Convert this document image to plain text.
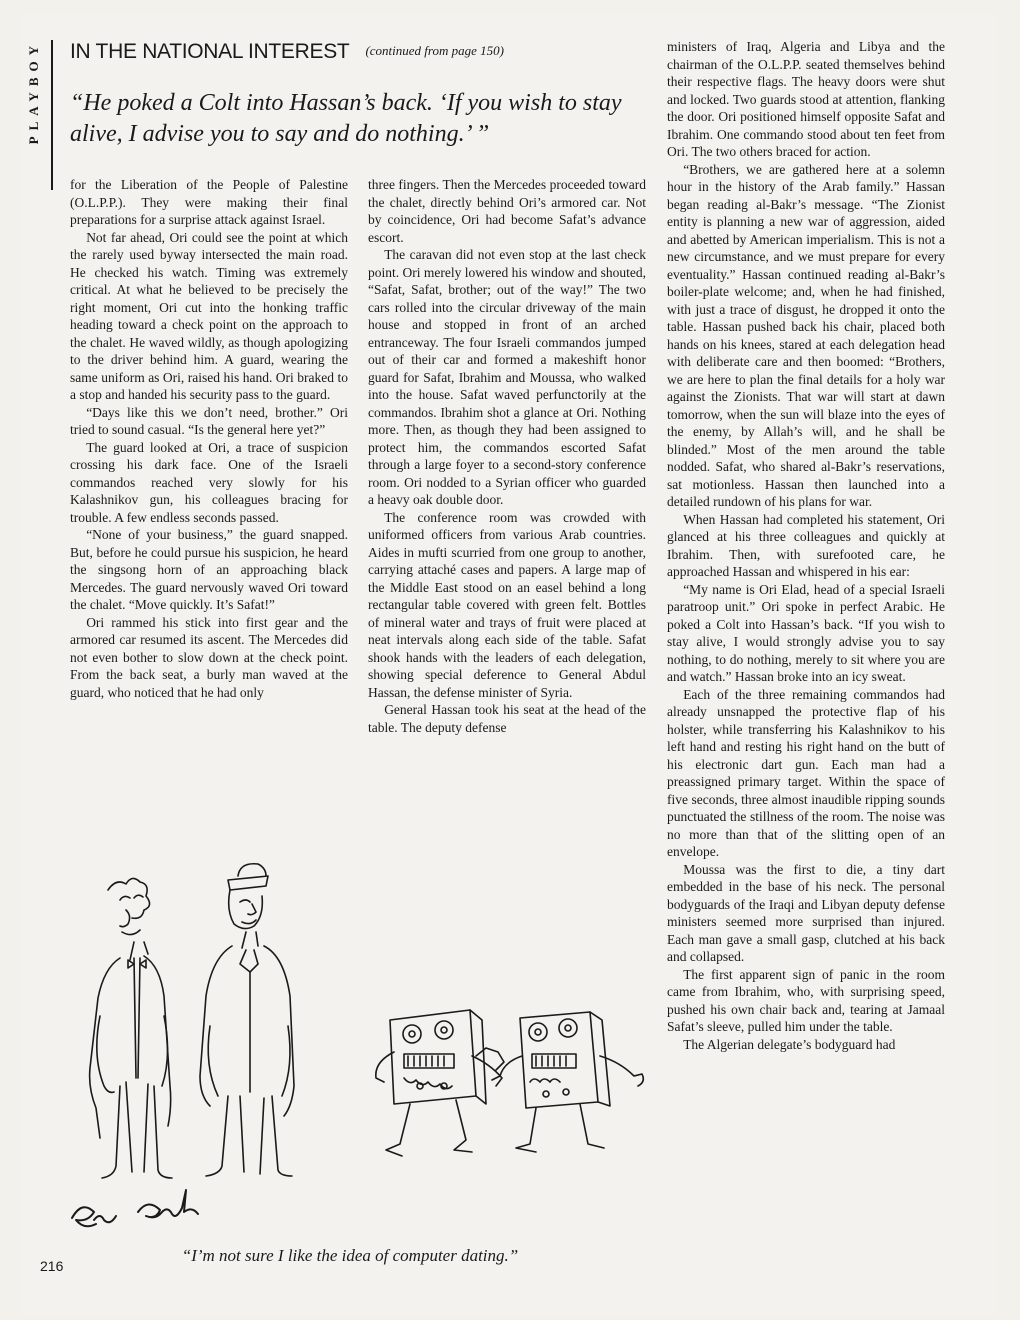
PLAYBOY IN THE NATIONAL INTEREST (continued from page 150)
“He poked a Colt into Hassan’s back. ‘If you wish to stay alive, I advise you to say and do nothing.’ ”

for the Liberation of the People of Palestine (O.L.P.P.). They were making their final preparations for a surprise attack against Israel.

Not far ahead, Ori could see the point at which the rarely used byway intersected the main road. He checked his watch. Timing was extremely critical. At what he believed to be precisely the right moment, Ori cut into the honking traffic heading toward a check point on the approach to the chalet. He waved wildly, as though apologizing to the driver behind him. A guard, wearing the same uniform as Ori, raised his hand. Ori braked to a stop and handed his security pass to the guard.

“Days like this we don’t need, brother.” Ori tried to sound casual. “Is the general here yet?”

The guard looked at Ori, a trace of suspicion crossing his dark face. One of the Israeli commandos reached very slowly for his Kalashnikov gun, his colleagues bracing for trouble. A few endless seconds passed.

“None of your business,” the guard snapped. But, before he could pursue his suspicion, he heard the singsong horn of an approaching black Mercedes. The guard nervously waved Ori toward the chalet. “Move quickly. It’s Safat!”

Ori rammed his stick into first gear and the armored car resumed its ascent. The Mercedes did not even bother to slow down at the check point. From the back seat, a burly man waved at the guard, who noticed that he had only

three fingers. Then the Mercedes proceeded toward the chalet, directly behind Ori’s armored car. Not by coincidence, Ori had become Safat’s advance escort.

The caravan did not even stop at the last check point. Ori merely lowered his window and shouted, “Safat, Safat, brother; out of the way!” The two cars rolled into the circular driveway of the main house and stopped in front of an arched entranceway. The four Israeli commandos jumped out of their car and formed a makeshift honor guard for Safat, Ibrahim and Moussa, who walked into the house. Safat waved perfunctorily at the commandos. Ibrahim shot a glance at Ori. Nothing more. Then, as though they had been assigned to protect him, the commandos escorted Safat through a large foyer to a second-story conference room. Ori nodded to a Syrian officer who guarded a heavy oak double door.

The conference room was crowded with uniformed officers from various Arab countries. Aides in mufti scurried from one group to another, carrying attaché cases and papers. A large map of the Middle East stood on an easel behind a long rectangular table covered with green felt. Bottles of mineral water and trays of fruit were placed at neat intervals along each side of the table. Safat shook hands with the leaders of each delegation, showing special deference to General Abdul Hassan, the defense minister of Syria.

General Hassan took his seat at the head of the table. The deputy defense

ministers of Iraq, Algeria and Libya and the chairman of the O.L.P.P. seated themselves behind their respective flags. The heavy doors were shut and locked. Two guards stood at attention, flanking the door. Ori positioned himself opposite Safat and Ibrahim. One commando stood about ten feet from Ori. The two others braced for action.

“Brothers, we are gathered here at a solemn hour in the history of the Arab family.” Hassan began reading al-Bakr’s message. “The Zionist entity is planning a new war of aggression, aided and abetted by American imperialism. This is not a new circumstance, and we must prepare for every eventuality.” Hassan continued reading al-Bakr’s boiler-plate welcome; and, when he had finished, with just a trace of disgust, he dropped it onto the table. Hassan pushed back his chair, placed both hands on his knees, stared at each delegation head with deliberate care and then boomed: “Brothers, we are here to plan the final details for a holy war against the Zionists. That war will start at dawn tomorrow, when the sun will blaze into the eyes of the enemy, by Allah’s will, and he shall be blinded.” Most of the men around the table nodded. Safat, who shared al-Bakr’s reservations, sat motionless. Hassan then launched into a detailed rundown of his plans for war.

When Hassan had completed his statement, Ori glanced at his three colleagues and quickly at Ibrahim. Then, with surefooted care, he approached Hassan and whispered in his ear:

“My name is Ori Elad, head of a special Israeli paratroop unit.” Ori spoke in perfect Arabic. He poked a Colt into Hassan’s back. “If you wish to stay alive, I would strongly advise you to say nothing, to do nothing, merely to sit where you are and watch.” Hassan broke into an icy sweat.

Each of the three remaining commandos had already unsnapped the protective flap of his holster, while transferring his Kalashnikov to his left hand and resting his right hand on the butt of his electronic dart gun. Each man had a preassigned primary target. Within the space of five seconds, three almost inaudible ripping sounds punctuated the stillness of the room. The noise was no more than that of the slitting open of an envelope.

Moussa was the first to die, a tiny dart embedded in the base of his neck. The personal bodyguards of the Iraqi and Libyan deputy defense ministers seemed more surprised than injured. Each man gave a small gasp, clutched at his back and collapsed.

The first apparent sign of panic in the room came from Ibrahim, who, with surprising speed, pushed his own chair back and, tearing at Jamaal Safat’s sleeve, pulled him under the table.

The Algerian delegate’s bodyguard had

“I’m not sure I like the idea of computer dating.”
216
